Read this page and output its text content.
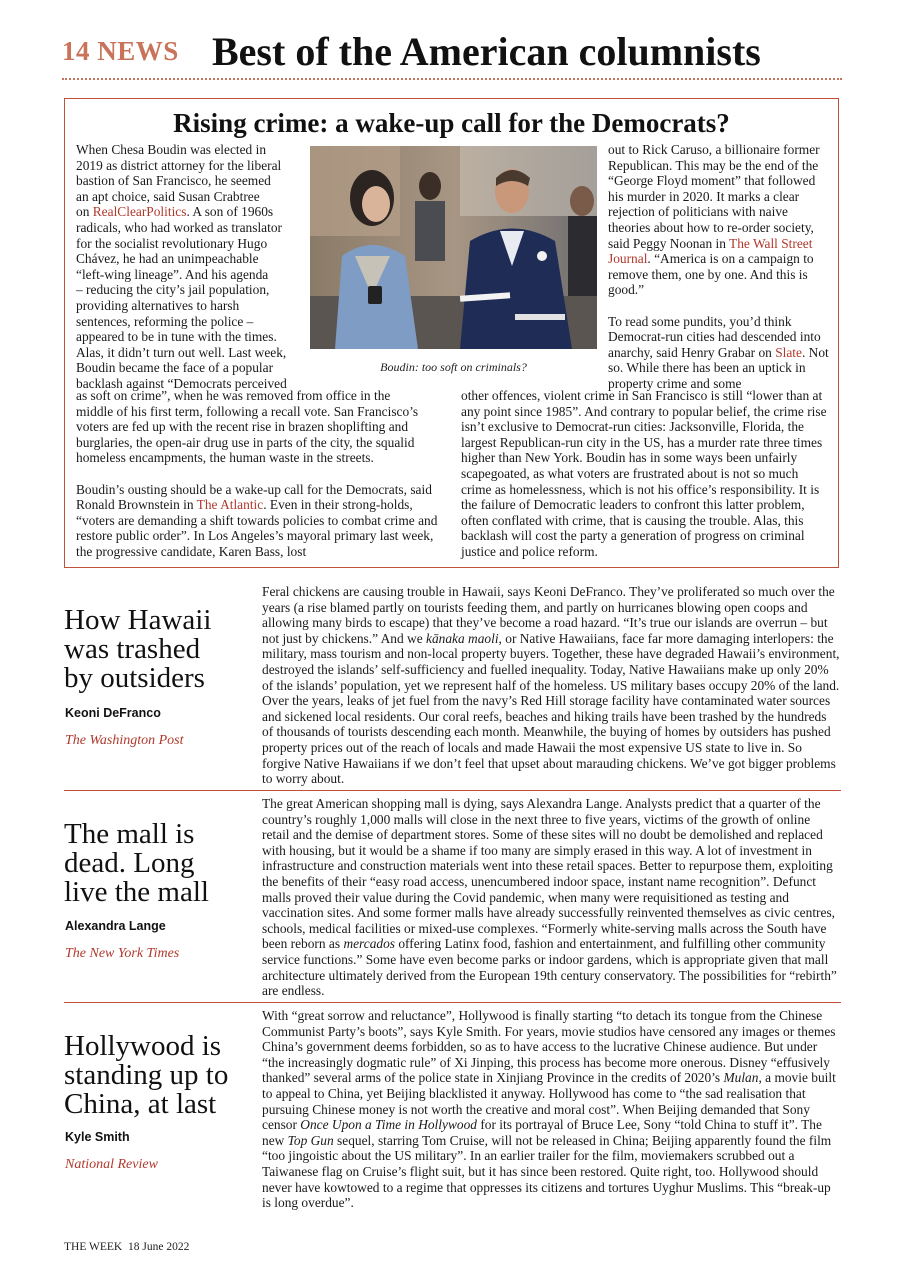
14 NEWS Best of the American columnists
Rising crime: a wake-up call for the Democrats?
When Chesa Boudin was elected in
2019 as district attorney for the liberal
bastion of San Francisco, he seemed
an apt choice, said Susan Crabtree
on RealClearPolitics. A son of 1960s
radicals, who had worked as translator
for the socialist revolutionary Hugo
Chávez, he had an unimpeachable
“left-wing lineage”. And his agenda
– reducing the city’s jail population,
providing alternatives to harsh
sentences, reforming the police –
appeared to be in tune with the times.
Alas, it didn’t turn out well. Last week,
Boudin became the face of a popular
backlash against “Democrats perceived
Boudin: too soft on criminals?
as soft on crime”, when he was removed from office in the
middle of his first term, following a recall vote. San Francisco’s
voters are fed up with the recent rise in brazen shoplifting and
burglaries, the open-air drug use in parts of the city, the squalid
homeless encampments, the human waste in the streets.

Boudin’s ousting should be a wake-up call for the Democrats, said Ronald Brownstein in The Atlantic. Even in their strong-holds, “voters are demanding a shift towards policies to combat crime and restore public order”. In Los Angeles’s mayoral primary last week, the progressive candidate, Karen Bass, lost

out to Rick Caruso, a billionaire former Republican. This may be the end of the “George Floyd moment” that followed his murder in 2020. It marks a clear rejection of politicians with naive theories about how to re-order society, said Peggy Noonan in The Wall Street Journal. “America is on a campaign to remove them, one by one. And this is good.”

To read some pundits, you’d think Democrat-run cities had descended into anarchy, said Henry Grabar on Slate. Not so. While there has been an uptick in property crime and some

other offences, violent crime in San Francisco is still “lower than at any point since 1985”. And contrary to popular belief, the crime rise isn’t exclusive to Democrat-run cities: Jacksonville, Florida, the largest Republican-run city in the US, has a murder rate three times higher than New York. Boudin has in some ways been unfairly scapegoated, as what voters are frustrated about is not so much crime as homelessness, which is not his office’s responsibility. It is the failure of Democratic leaders to confront this latter problem, often conflated with crime, that is causing the trouble. Alas, this backlash will cost the party a generation of progress on criminal justice and police reform.

How Hawaii was trashed by outsiders
Keoni DeFranco
The Washington Post
Feral chickens are causing trouble in Hawaii, says Keoni DeFranco. They’ve proliferated so much over the years (a rise blamed partly on tourists feeding them, and partly on hurricanes blowing open coops and allowing many birds to escape) that they’ve become a road hazard. “It’s true our islands are overrun – but not just by chickens.” And we kānaka maoli, or Native Hawaiians, face far more damaging interlopers: the military, mass tourism and non-local property buyers. Together, these have degraded Hawaii’s environment, destroyed the islands’ self-sufficiency and fuelled inequality. Today, Native Hawaiians make up only 20% of the islands’ population, yet we represent half of the homeless. US military bases occupy 20% of the land. Over the years, leaks of jet fuel from the navy’s Red Hill storage facility have contaminated water sources and sickened local residents. Our coral reefs, beaches and hiking trails have been trashed by the hundreds of thousands of tourists descending each month. Meanwhile, the buying of homes by outsiders has pushed property prices out of the reach of locals and made Hawaii the most expensive US state to live in. So forgive Native Hawaiians if we don’t feel that upset about marauding chickens. We’ve got bigger problems to worry about.
The mall is dead. Long live the mall
Alexandra Lange
The New York Times
The great American shopping mall is dying, says Alexandra Lange. Analysts predict that a quarter of the country’s roughly 1,000 malls will close in the next three to five years, victims of the growth of online retail and the demise of department stores. Some of these sites will no doubt be demolished and replaced with housing, but it would be a shame if too many are simply erased in this way. A lot of investment in infrastructure and construction materials went into these retail spaces. Better to repurpose them, exploiting the benefits of their “easy road access, unencumbered indoor space, instant name recognition”. Defunct malls proved their value during the Covid pandemic, when many were requisitioned as testing and vaccination sites. And some former malls have already successfully reinvented themselves as civic centres, schools, medical facilities or mixed-use complexes. “Formerly white-serving malls across the South have been reborn as mercados offering Latinx food, fashion and entertainment, and fulfilling other community service functions.” Some have even become parks or indoor gardens, which is appropriate given that mall architecture ultimately derived from the European 19th century conservatory. The possibilities for “rebirth” are endless.
Hollywood is standing up to China, at last
Kyle Smith
National Review
With “great sorrow and reluctance”, Hollywood is finally starting “to detach its tongue from the Chinese Communist Party’s boots”, says Kyle Smith. For years, movie studios have censored any images or themes China’s government deems forbidden, so as to have access to the lucrative Chinese audience. But under “the increasingly dogmatic rule” of Xi Jinping, this process has become more onerous. Disney “effusively thanked” several arms of the police state in Xinjiang Province in the credits of 2020’s Mulan, a movie built to appeal to China, yet Beijing blacklisted it anyway. Hollywood has come to “the sad realisation that pursuing Chinese money is not worth the creative and moral cost”. When Beijing demanded that Sony censor Once Upon a Time in Hollywood for its portrayal of Bruce Lee, Sony “told China to stuff it”. The new Top Gun sequel, starring Tom Cruise, will not be released in China; Beijing apparently found the film “too jingoistic about the US military”. In an earlier trailer for the film, moviemakers scrubbed out a Taiwanese flag on Cruise’s flight suit, but it has since been restored. Quite right, too. Hollywood should never have kowtowed to a regime that oppresses its citizens and tortures Uyghur Muslims. This “break-up is long overdue”.
THE WEEK 18 June 2022
